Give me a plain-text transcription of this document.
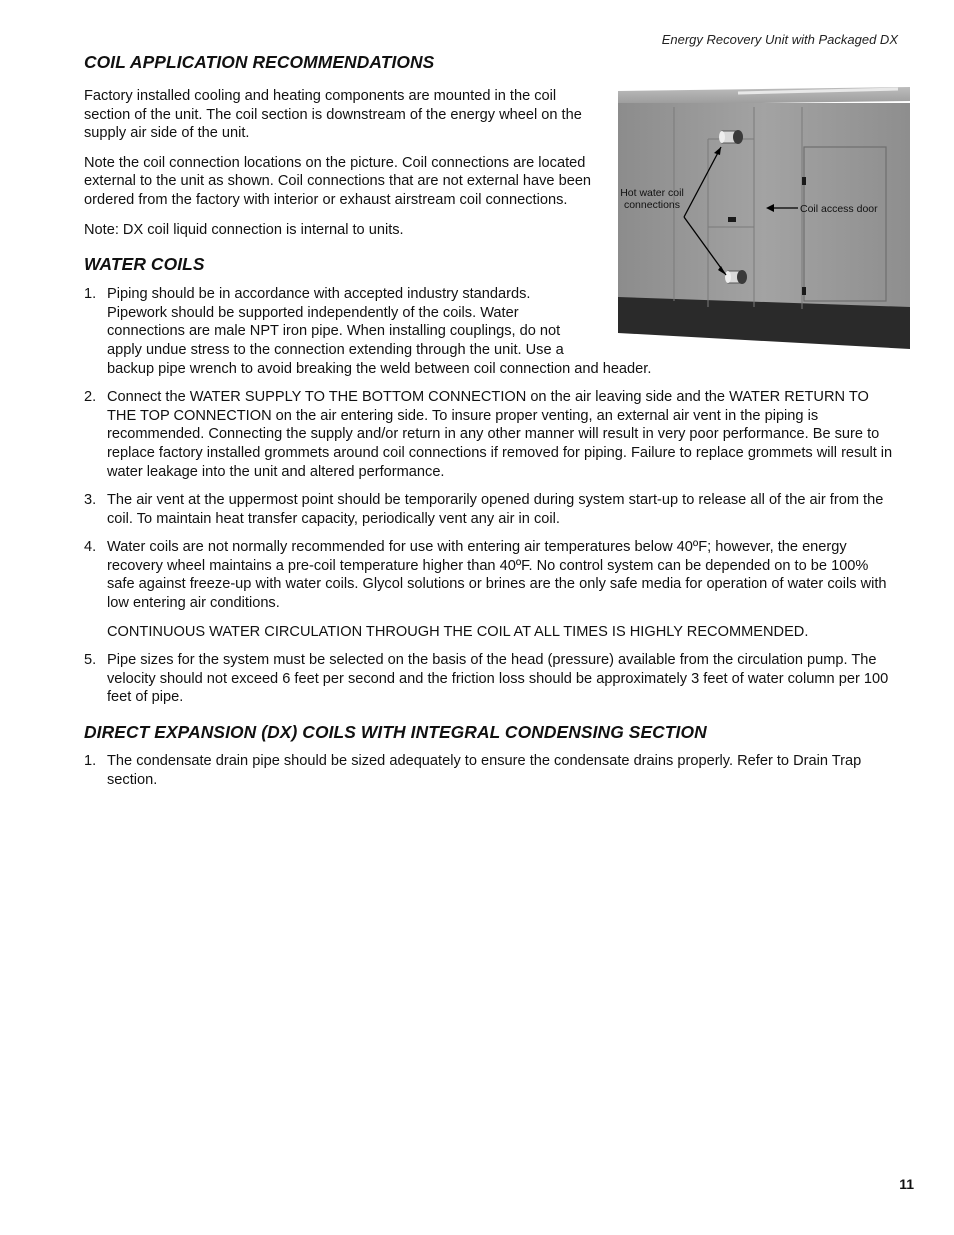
Energy Recovery Unit with Packaged DX
COIL APPLICATION RECOMMENDATIONS
Hot water coil connections	Coil access door

Factory installed cooling and heating components are mounted in the coil section of the unit. The coil section is downstream of the energy wheel on the supply air side of the unit.

Note the coil connection locations on the picture. Coil connections are located external to the unit as shown. Coil connections that are not external have been ordered from the factory with interior or exhaust airstream coil connections.

Note: DX coil liquid connection is internal to units.

WATER COILS
1. Piping should be in accordance with accepted industry standards. Pipework should be supported independently of the coils. Water connections are male NPT iron pipe. When installing couplings, do not apply undue stress to the connection extending through the unit. Use a backup pipe wrench to avoid breaking the weld between coil connection and header.
2. Connect the WATER SUPPLY TO THE BOTTOM CONNECTION on the air leaving side and the WATER RETURN TO THE TOP CONNECTION on the air entering side. To insure proper venting, an external air vent in the piping is recommended. Connecting the supply and/or return in any other manner will result in very poor performance. Be sure to replace factory installed grommets around coil connections if removed for piping. Failure to replace grommets will result in water leakage into the unit and altered performance.
3. The air vent at the uppermost point should be temporarily opened during system start-up to release all of the air from the coil. To maintain heat transfer capacity, periodically vent any air in coil.
4. Water coils are not normally recommended for use with entering air temperatures below 40ºF; however, the energy recovery wheel maintains a pre-coil temperature higher than 40ºF. No control system can be depended on to be 100% safe against freeze-up with water coils. Glycol solutions or brines are the only safe media for operation of water coils with low entering air conditions.

CONTINUOUS WATER CIRCULATION THROUGH THE COIL AT ALL TIMES IS HIGHLY RECOMMENDED.

5. Pipe sizes for the system must be selected on the basis of the head (pressure) available from the circulation pump. The velocity should not exceed 6 feet per second and the friction loss should be approximately 3 feet of water column per 100 feet of pipe.
DIRECT EXPANSION (DX) COILS WITH INTEGRAL CONDENSING SECTION
1. The condensate drain pipe should be sized adequately to ensure the condensate drains properly. Refer to Drain Trap section.
11
